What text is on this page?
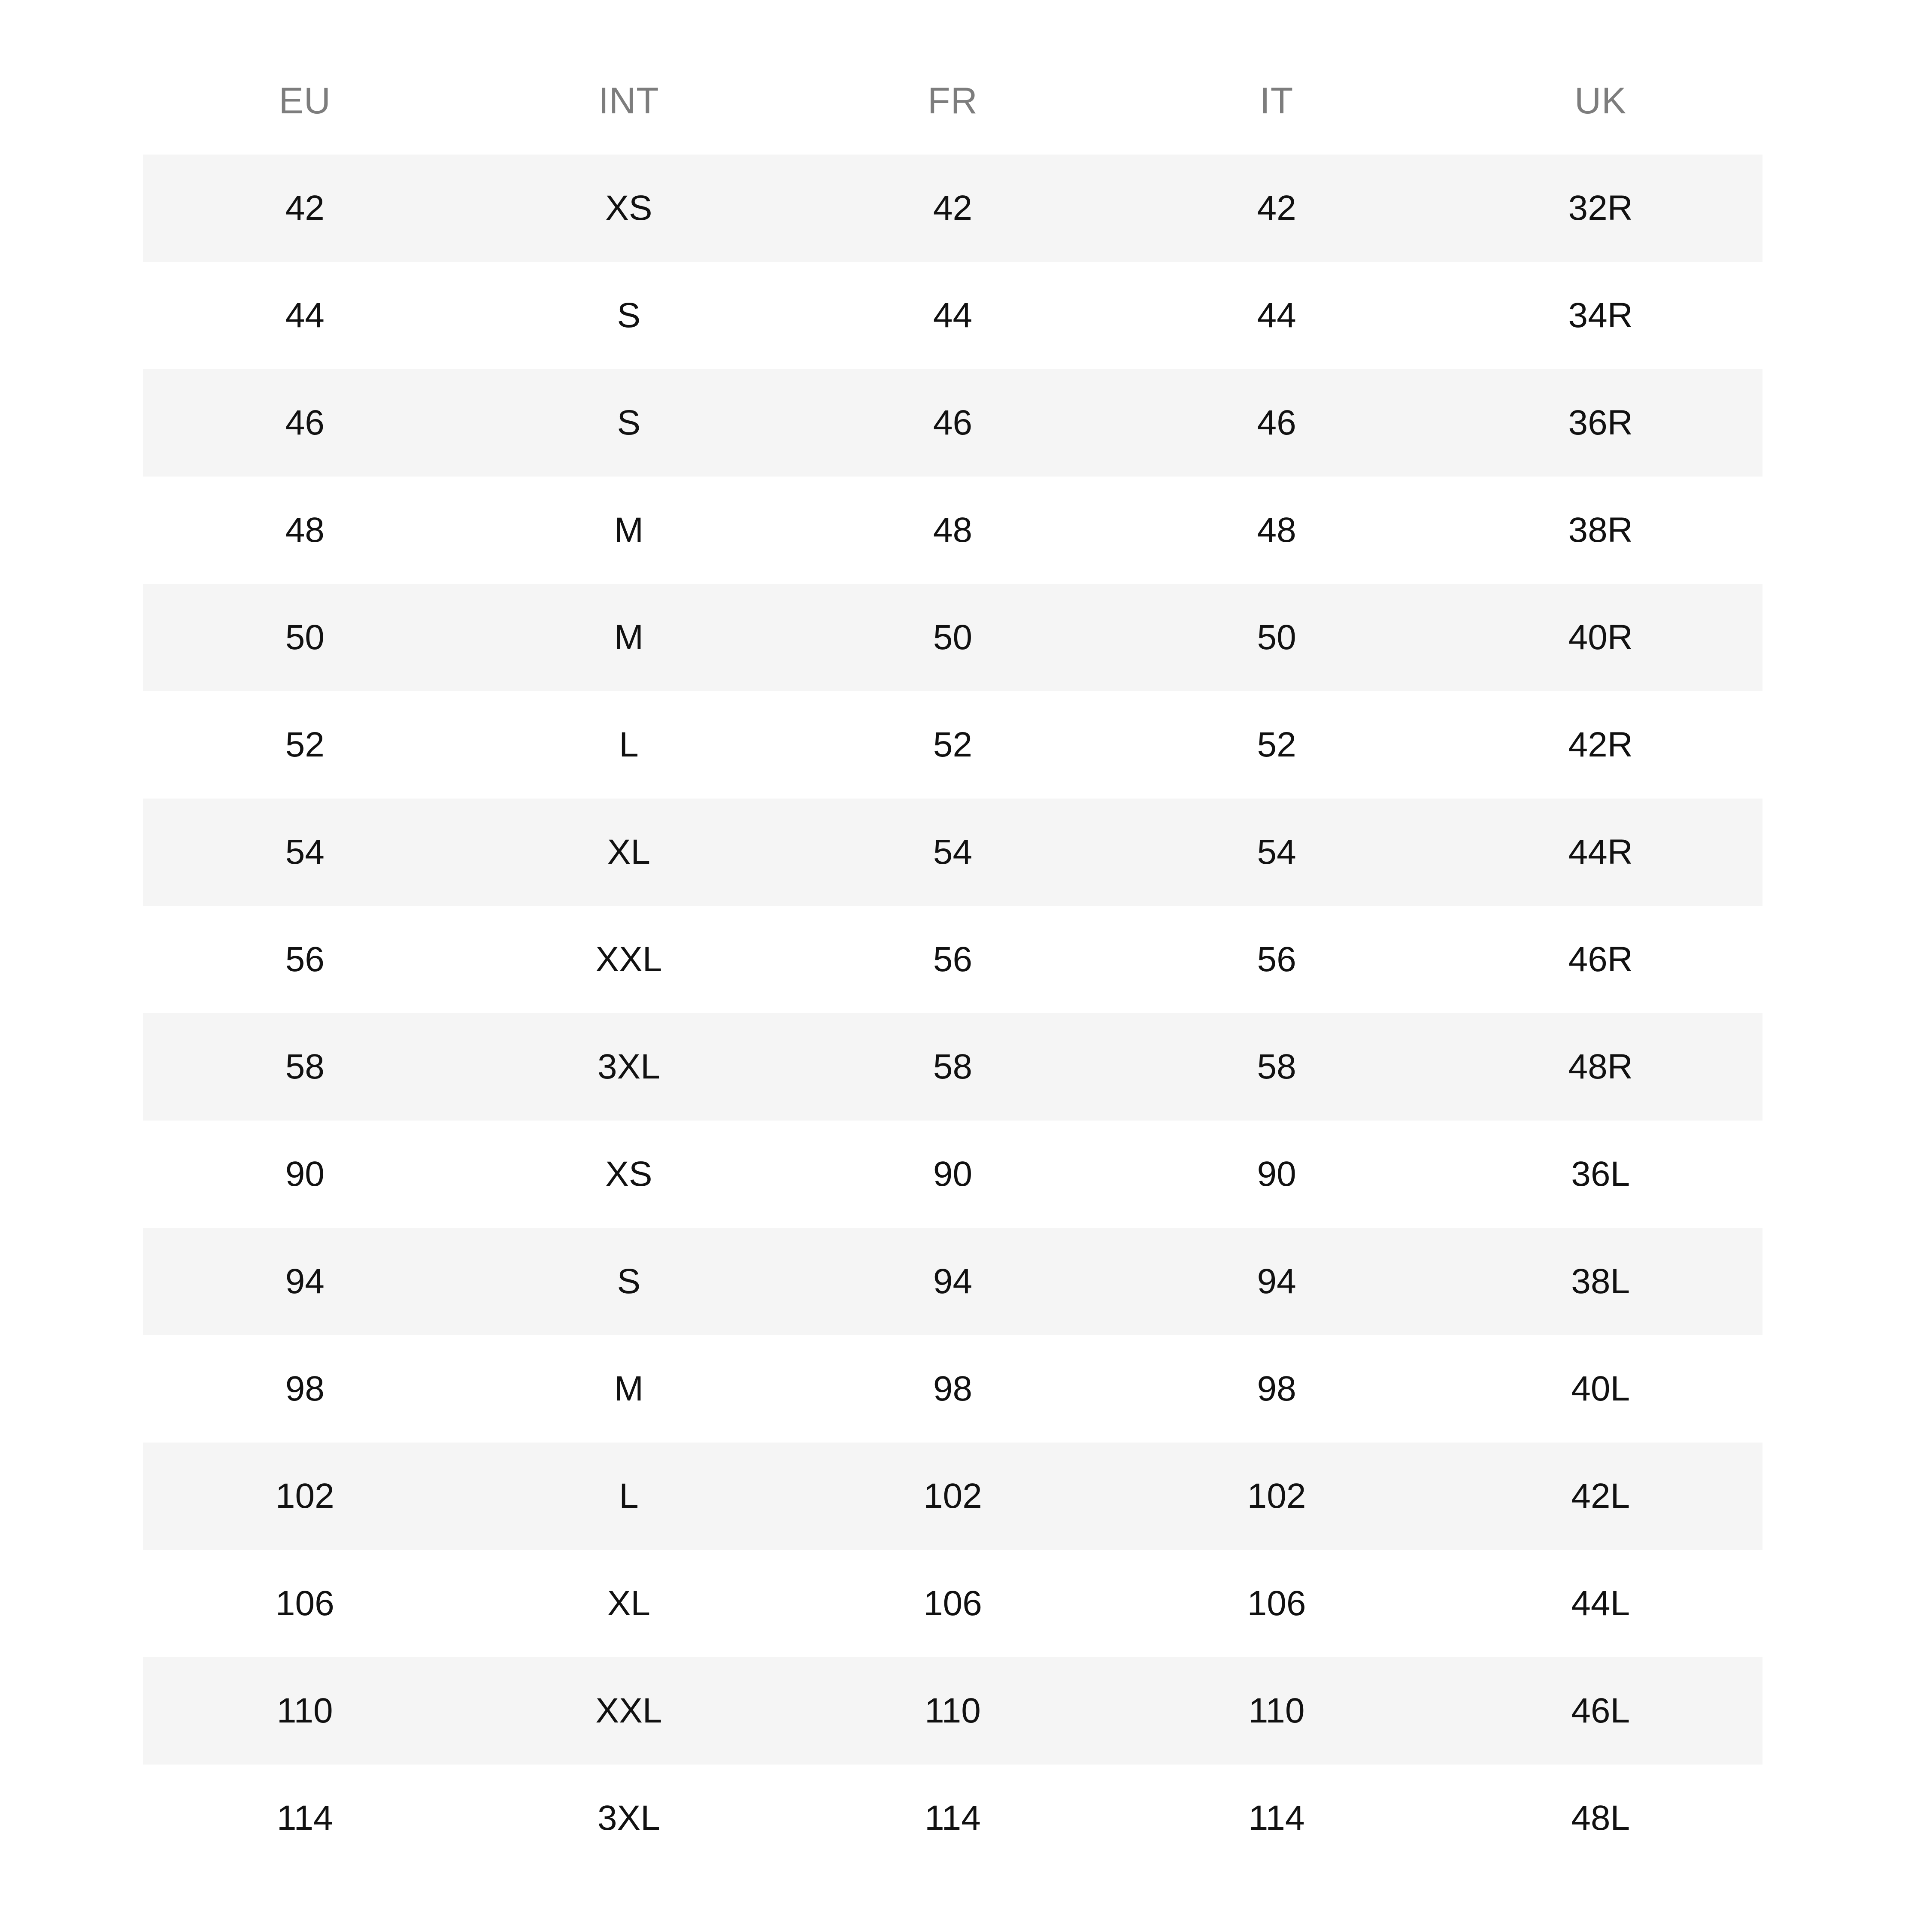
EU	INT	FR	IT	UK
42	XS	42	42	32R
44	S	44	44	34R
46	S	46	46	36R
48	M	48	48	38R
50	M	50	50	40R
52	L	52	52	42R
54	XL	54	54	44R
56	XXL	56	56	46R
58	3XL	58	58	48R
90	XS	90	90	36L
94	S	94	94	38L
98	M	98	98	40L
102	L	102	102	42L
106	XL	106	106	44L
110	XXL	110	110	46L
114	3XL	114	114	48L
